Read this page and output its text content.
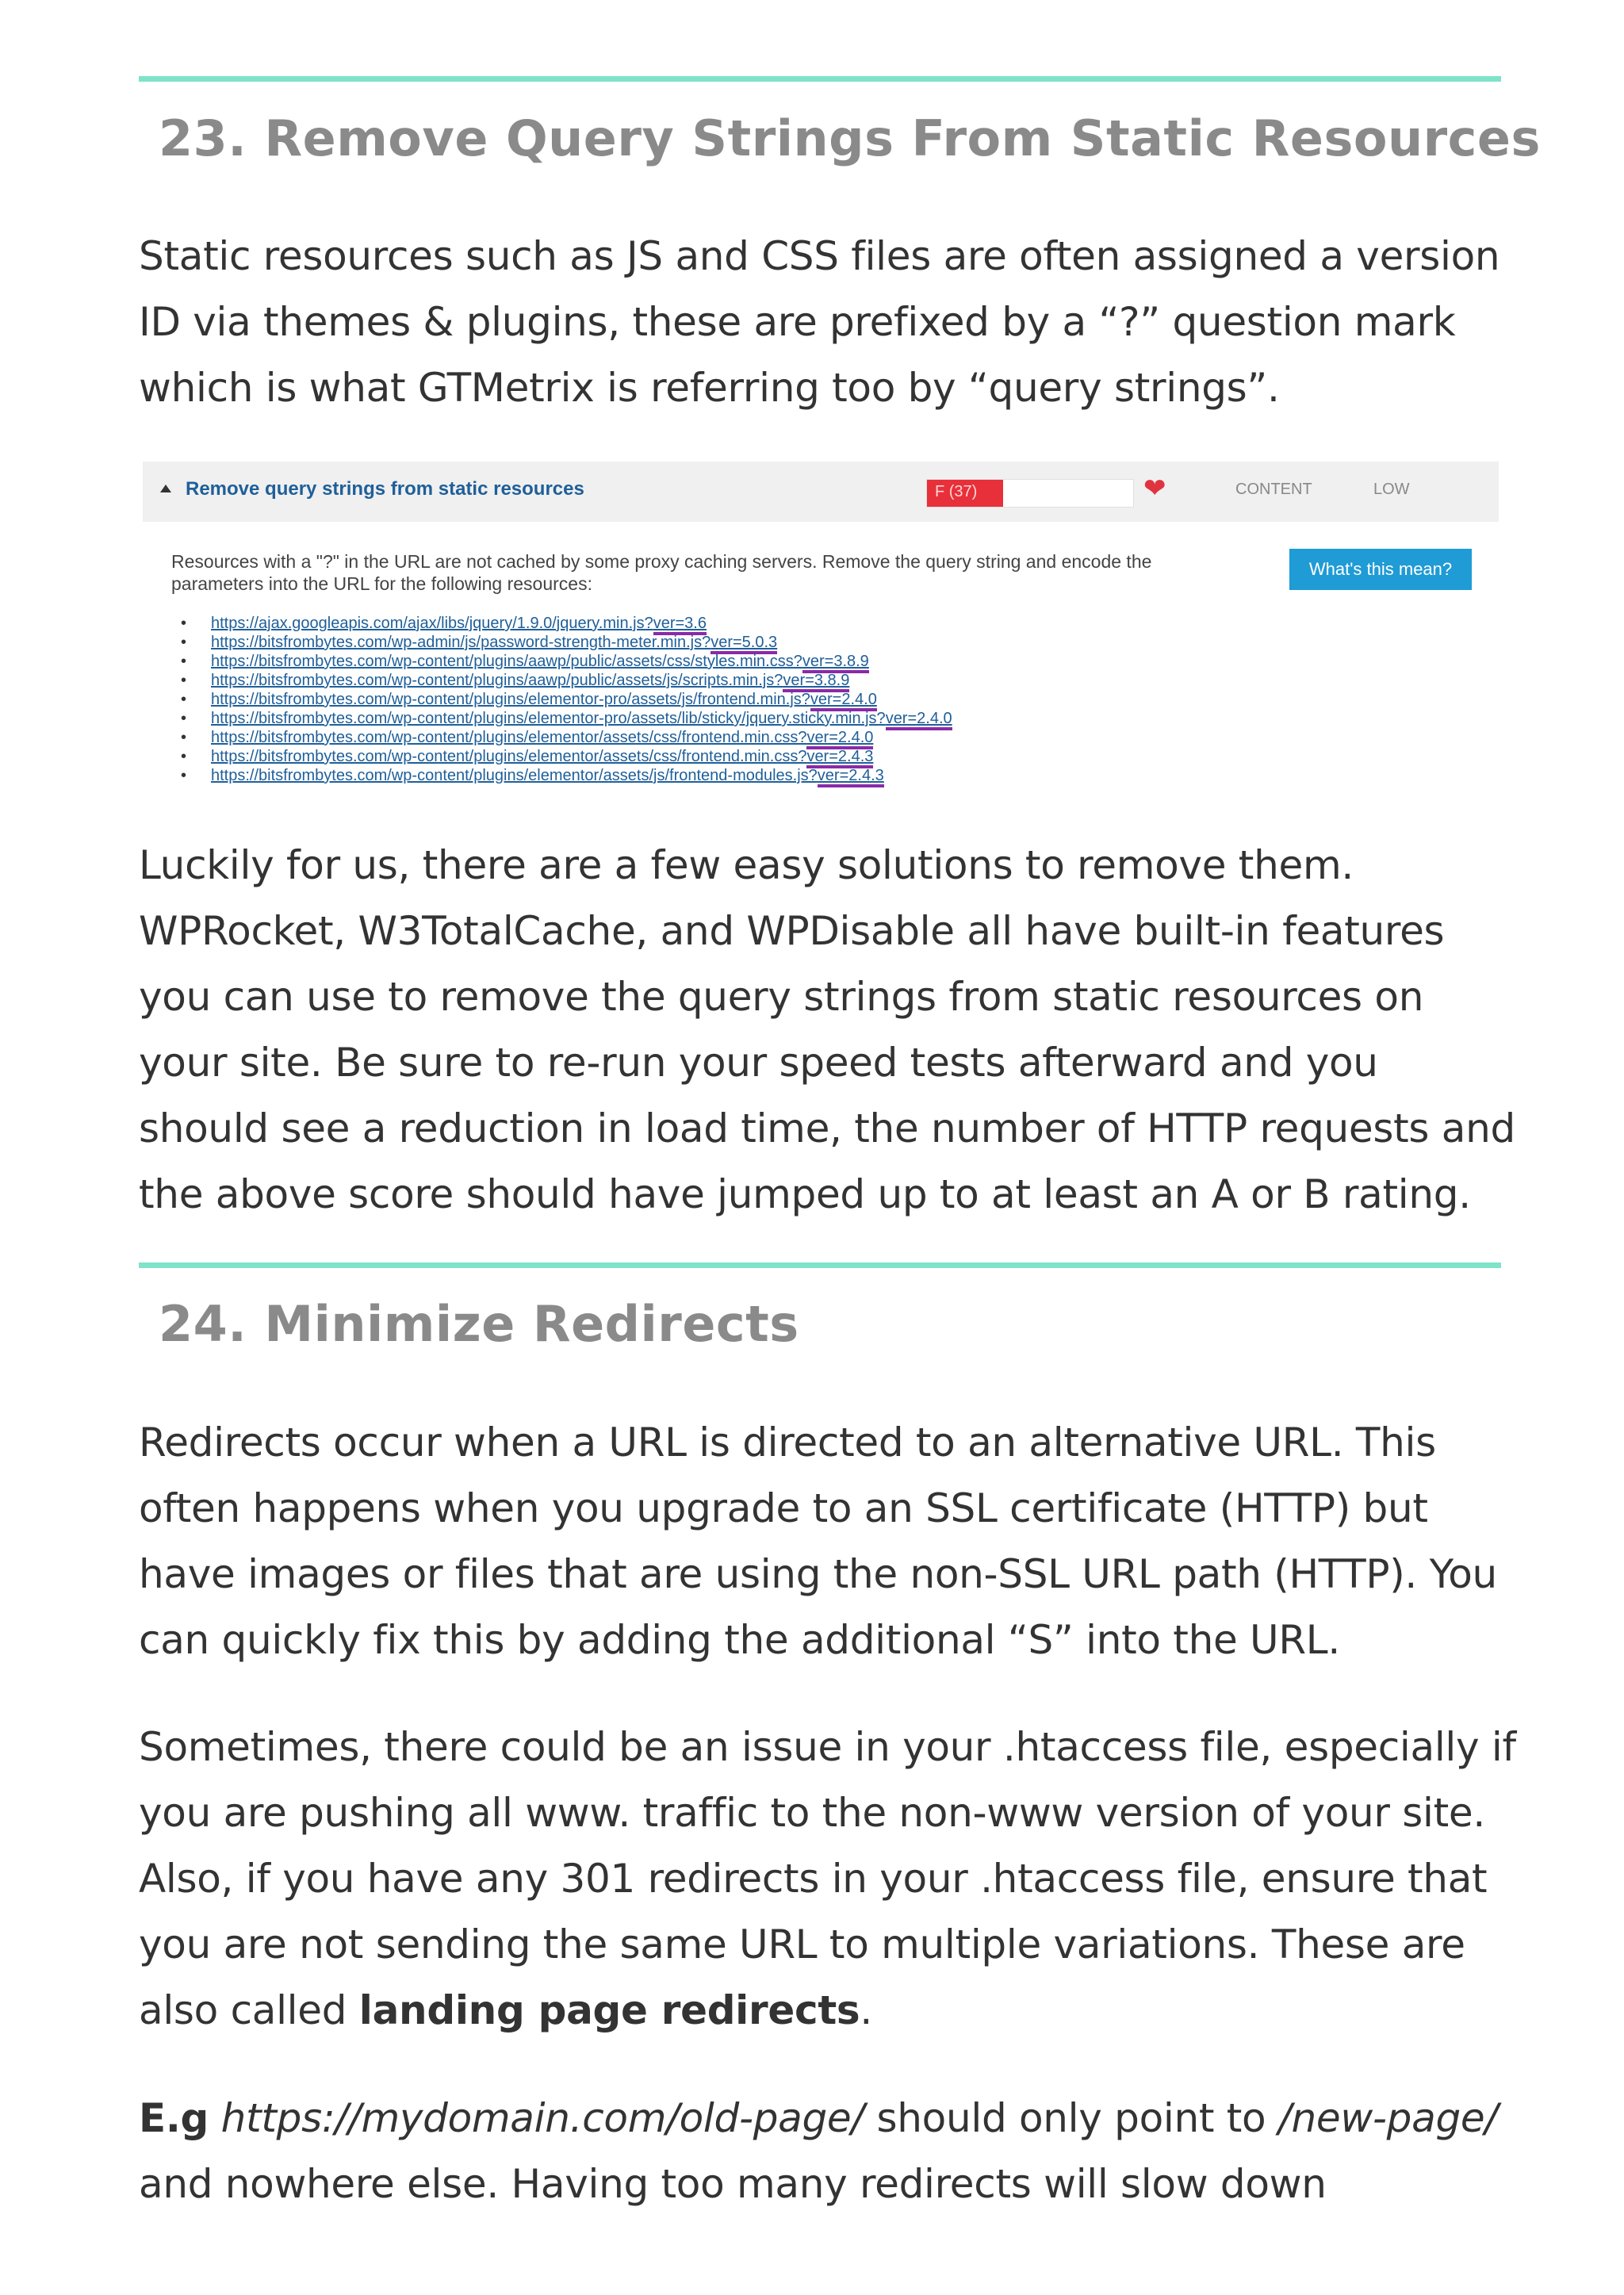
23. Remove Query Strings From Static Resources

Static resources such as JS and CSS files are often assigned a version ID via themes & plugins, these are prefixed by a “?” question mark which is what GTMetrix is referring too by “query strings”.

Remove query strings from static resources	F (37)	❤	CONTENT	LOW

Resources with a "?" in the URL are not cached by some proxy caching servers. Remove the query string and encode the parameters into the URL for the following resources:

What's this mean?
• https://ajax.googleapis.com/ajax/libs/jquery/1.9.0/jquery.min.js?ver=3.6
• https://bitsfrombytes.com/wp-admin/js/password-strength-meter.min.js?ver=5.0.3
• https://bitsfrombytes.com/wp-content/plugins/aawp/public/assets/css/styles.min.css?ver=3.8.9
• https://bitsfrombytes.com/wp-content/plugins/aawp/public/assets/js/scripts.min.js?ver=3.8.9
• https://bitsfrombytes.com/wp-content/plugins/elementor-pro/assets/js/frontend.min.js?ver=2.4.0
• https://bitsfrombytes.com/wp-content/plugins/elementor-pro/assets/lib/sticky/jquery.sticky.min.js?ver=2.4.0
• https://bitsfrombytes.com/wp-content/plugins/elementor/assets/css/frontend.min.css?ver=2.4.0
• https://bitsfrombytes.com/wp-content/plugins/elementor/assets/css/frontend.min.css?ver=2.4.3
• https://bitsfrombytes.com/wp-content/plugins/elementor/assets/js/frontend-modules.js?ver=2.4.3

Luckily for us, there are a few easy solutions to remove them. WPRocket, W3TotalCache, and WPDisable all have built-in features you can use to remove the query strings from static resources on your site. Be sure to re-run your speed tests afterward and you should see a reduction in load time, the number of HTTP requests and the above score should have jumped up to at least an A or B rating.

24. Minimize Redirects

Redirects occur when a URL is directed to an alternative URL. This often happens when you upgrade to an SSL certificate (HTTP) but have images or files that are using the non-SSL URL path (HTTP). You can quickly fix this by adding the additional “S” into the URL.

Sometimes, there could be an issue in your .htaccess file, especially if you are pushing all www. traffic to the non-www version of your site. Also, if you have any 301 redirects in your .htaccess file, ensure that you are not sending the same URL to multiple variations. These are also called landing page redirects.

E.g https://mydomain.com/old-page/ should only point to /new-page/ and nowhere else. Having too many redirects will slow down
